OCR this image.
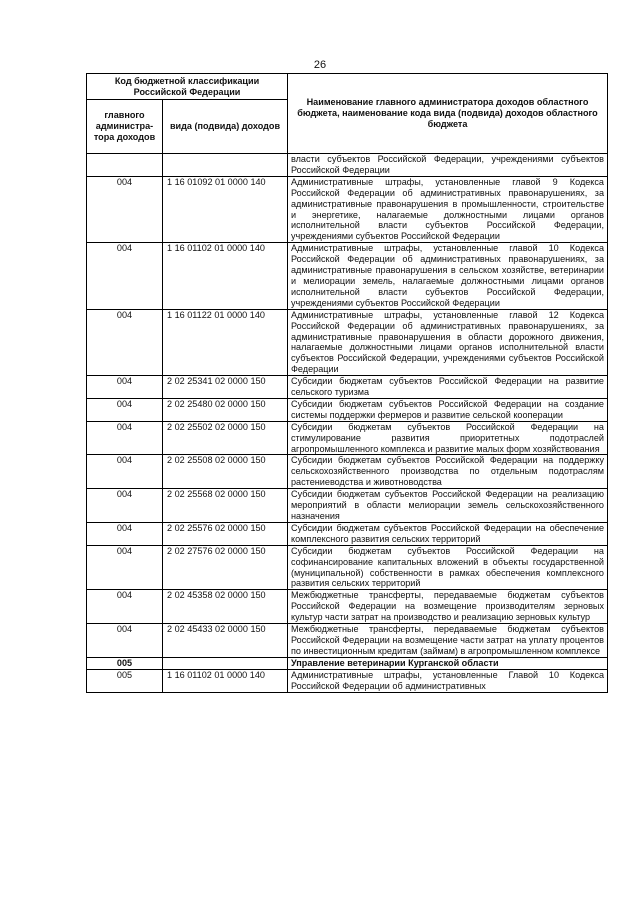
26
Код бюджетной классификации Российской Федерации		Наименование главного администратора доходов областного бюджета, наименование кода вида (подвида) доходов областного бюджета
главного администра-тора доходов	вида (подвида) доходов	
		власти субъектов Российской Федерации, учреждениями субъектов Российской Федерации
004	1 16 01092 01 0000 140	Административные штрафы, установленные главой 9 Кодекса Российской Федерации об административных правонарушениях, за административные правонарушения в промышленности, строительстве и энергетике, налагаемые должностными лицами органов исполнительной власти субъектов Российской Федерации, учреждениями субъектов Российской Федерации
004	1 16 01102 01 0000 140	Административные штрафы, установленные главой 10 Кодекса Российской Федерации об административных правонарушениях, за административные правонарушения в сельском хозяйстве, ветеринарии и мелиорации земель, налагаемые должностными лицами органов исполнительной власти субъектов Российской Федерации, учреждениями субъектов Российской Федерации
004	1 16 01122 01 0000 140	Административные штрафы, установленные главой 12 Кодекса Российской Федерации об административных правонарушениях, за административные правонарушения в области дорожного движения, налагаемые должностными лицами органов исполнительной власти субъектов Российской Федерации, учреждениями субъектов Российской Федерации
004	2 02 25341 02 0000 150	Субсидии бюджетам субъектов Российской Федерации на развитие сельского туризма
004	2 02 25480 02 0000 150	Субсидии бюджетам субъектов Российской Федерации на создание системы поддержки фермеров и развитие сельской кооперации
004	2 02 25502 02 0000 150	Субсидии бюджетам субъектов Российской Федерации на стимулирование развития приоритетных подотраслей агропромышленного комплекса и развитие малых форм хозяйствования
004	2 02 25508 02 0000 150	Субсидии бюджетам субъектов Российской Федерации на поддержку сельскохозяйственного производства по отдельным подотраслям растениеводства и животноводства
004	2 02 25568 02 0000 150	Субсидии бюджетам субъектов Российской Федерации на реализацию мероприятий в области мелиорации земель сельскохозяйственного назначения
004	2 02 25576 02 0000 150	Субсидии бюджетам субъектов Российской Федерации на обеспечение комплексного развития сельских территорий
004	2 02 27576 02 0000 150	Субсидии бюджетам субъектов Российской Федерации на софинансирование капитальных вложений в объекты государственной (муниципальной) собственности в рамках обеспечения комплексного развития сельских территорий
004	2 02 45358 02 0000 150	Межбюджетные трансферты, передаваемые бюджетам субъектов Российской Федерации на возмещение производителям зерновых культур части затрат на производство и реализацию зерновых культур
004	2 02 45433 02 0000 150	Межбюджетные трансферты, передаваемые бюджетам субъектов Российской Федерации на возмещение части затрат на уплату процентов по инвестиционным кредитам (займам) в агропромышленном комплексе
005		Управление ветеринарии Курганской области
005	1 16 01102 01 0000 140	Административные штрафы, установленные Главой 10 Кодекса Российской Федерации об административных
